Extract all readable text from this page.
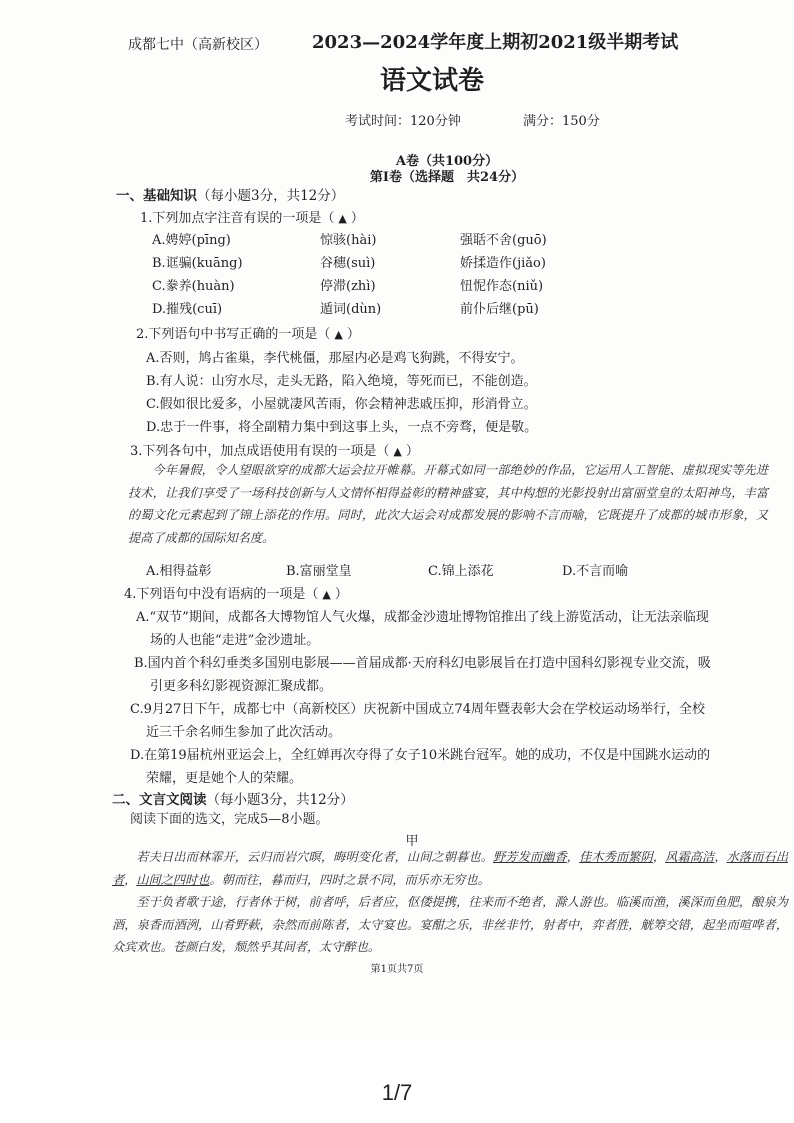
成都七中（高新校区） 2023—2024学年度上期初2021级半期考试
语文试卷
考试时间：120分钟	满分：150分
A卷（共100分）
第Ⅰ卷（选择题　共24分）
一、基础知识（每小题3分，共12分）
1.下列加点字注音有误的一项是（ ▲ ）
A.娉婷(pīng)	惊骇(hài)	强聒不舍(guō)
B.诓骗(kuāng)	谷穗(suì)	娇揉造作(jiǎo)
C.豢养(huàn)	停滞(zhì)	忸怩作态(niǔ)
D.摧残(cuī)	遁词(dùn)	前仆后继(pū)
2.下列语句中书写正确的一项是（ ▲ ）
A.否则，鸠占雀巢，李代桃僵，那屋内必是鸡飞狗跳，不得安宁。
B.有人说：山穷水尽，走头无路，陷入绝境，等死而已，不能创造。
C.假如很比爱多，小屋就凄风苦雨，你会精神悲戚压抑，形消骨立。
D.忠于一件事，将全副精力集中到这事上头，一点不旁骛，便是敬。
3.下列各句中，加点成语使用有误的一项是（ ▲ ）
今年暑假，令人望眼欲穿的成都大运会拉开帷幕。开幕式如同一部绝妙的作品，它运用人工智能、虚拟现实等先进技术，让我们享受了一场科技创新与人文情怀相得益彰的精神盛宴，其中构想的光影投射出富丽堂皇的太阳神鸟，丰富的蜀文化元素起到了锦上添花的作用。同时，此次大运会对成都发展的影响不言而喻，它既提升了成都的城市形象，又提高了成都的国际知名度。
A.相得益彰	B.富丽堂皇	C.锦上添花	D.不言而喻
4.下列语句中没有语病的一项是（ ▲ ）
A.“双节”期间，成都各大博物馆人气火爆，成都金沙遗址博物馆推出了线上游览活动，让无法亲临现
场的人也能“走进”金沙遗址。
B.国内首个科幻垂类多国别电影展——首届成都·天府科幻电影展旨在打造中国科幻影视专业交流，吸
引更多科幻影视资源汇聚成都。
C.9月27日下午，成都七中（高新校区）庆祝新中国成立74周年暨表彰大会在学校运动场举行，全校
近三千余名师生参加了此次活动。
D.在第19届杭州亚运会上，全红婵再次夺得了女子10米跳台冠军。她的成功，不仅是中国跳水运动的
荣耀，更是她个人的荣耀。
二、文言文阅读（每小题3分，共12分）
阅读下面的选文，完成5—8小题。
甲
若夫日出而林霏开，云归而岩穴暝，晦明变化者，山间之朝暮也。野芳发而幽香，佳木秀而繁阴，风霜高洁，水落而石出者，山间之四时也。朝而往，暮而归，四时之景不同，而乐亦无穷也。
至于负者歌于途，行者休于树，前者呼，后者应，伛偻提携，往来而不绝者，滁人游也。临溪而渔，溪深而鱼肥，酿泉为酒，泉香而酒洌，山肴野蔌，杂然而前陈者，太守宴也。宴酣之乐，非丝非竹，射者中，弈者胜，觥筹交错，起坐而喧哗者，众宾欢也。苍颜白发，颓然乎其间者，太守醉也。
第1页共7页
1/7
